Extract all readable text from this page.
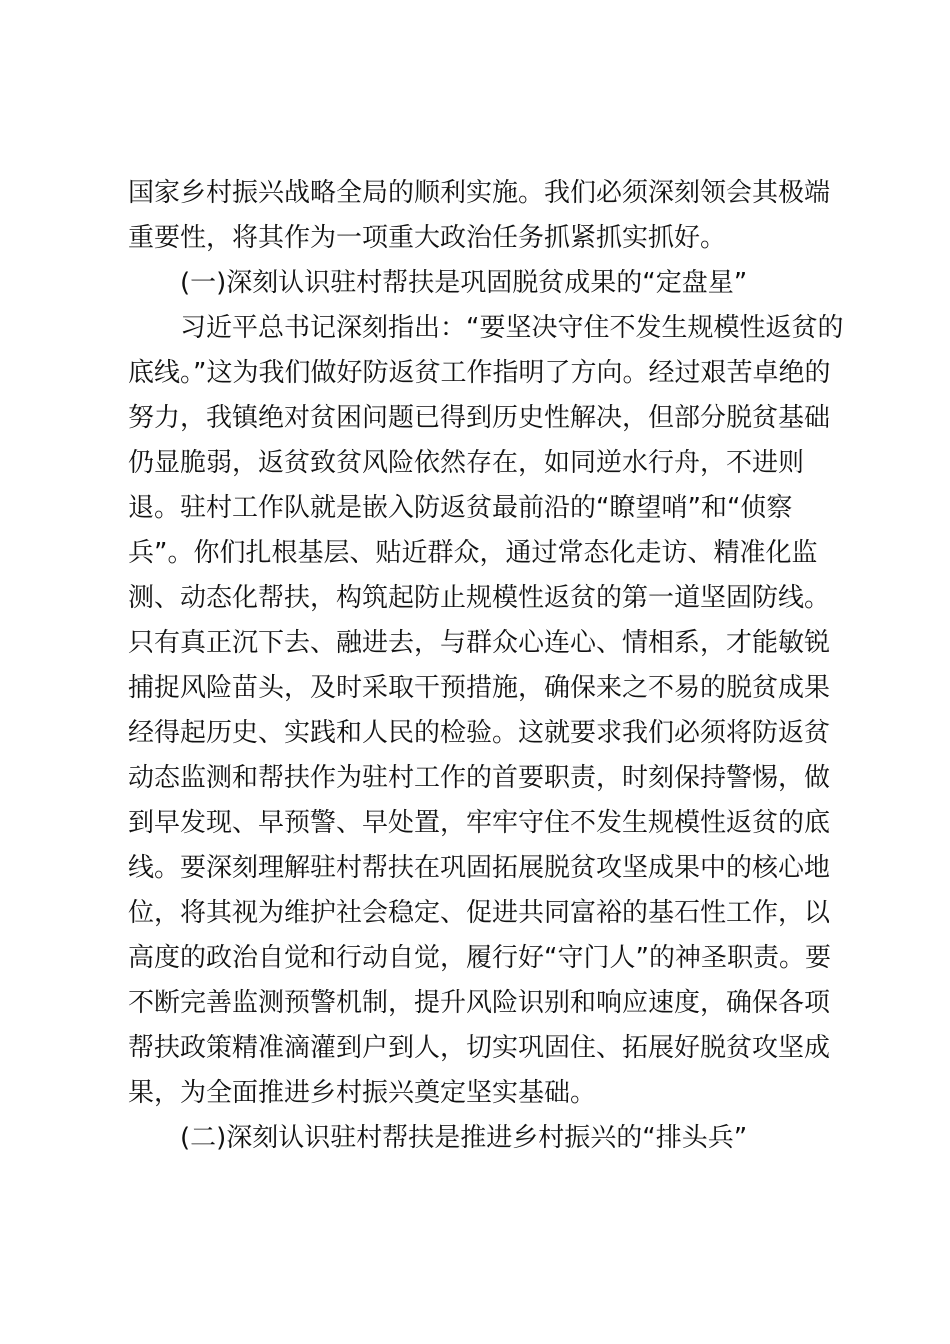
国家乡村振兴战略全局的顺利实施。我们必须深刻领会其极端

重要性，将其作为一项重大政治任务抓紧抓实抓好。

(一)深刻认识驻村帮扶是巩固脱贫成果的“定盘星”

习近平总书记深刻指出：“要坚决守住不发生规模性返贫的

底线。”这为我们做好防返贫工作指明了方向。经过艰苦卓绝的

努力，我镇绝对贫困问题已得到历史性解决，但部分脱贫基础

仍显脆弱，返贫致贫风险依然存在，如同逆水行舟，不进则

退。驻村工作队就是嵌入防返贫最前沿的“瞭望哨”和“侦察

兵”。你们扎根基层、贴近群众，通过常态化走访、精准化监

测、动态化帮扶，构筑起防止规模性返贫的第一道坚固防线。

只有真正沉下去、融进去，与群众心连心、情相系，才能敏锐

捕捉风险苗头，及时采取干预措施，确保来之不易的脱贫成果

经得起历史、实践和人民的检验。这就要求我们必须将防返贫

动态监测和帮扶作为驻村工作的首要职责，时刻保持警惕，做

到早发现、早预警、早处置，牢牢守住不发生规模性返贫的底

线。要深刻理解驻村帮扶在巩固拓展脱贫攻坚成果中的核心地

位，将其视为维护社会稳定、促进共同富裕的基石性工作，以

高度的政治自觉和行动自觉，履行好“守门人”的神圣职责。要

不断完善监测预警机制，提升风险识别和响应速度，确保各项

帮扶政策精准滴灌到户到人，切实巩固住、拓展好脱贫攻坚成

果，为全面推进乡村振兴奠定坚实基础。

(二)深刻认识驻村帮扶是推进乡村振兴的“排头兵”
